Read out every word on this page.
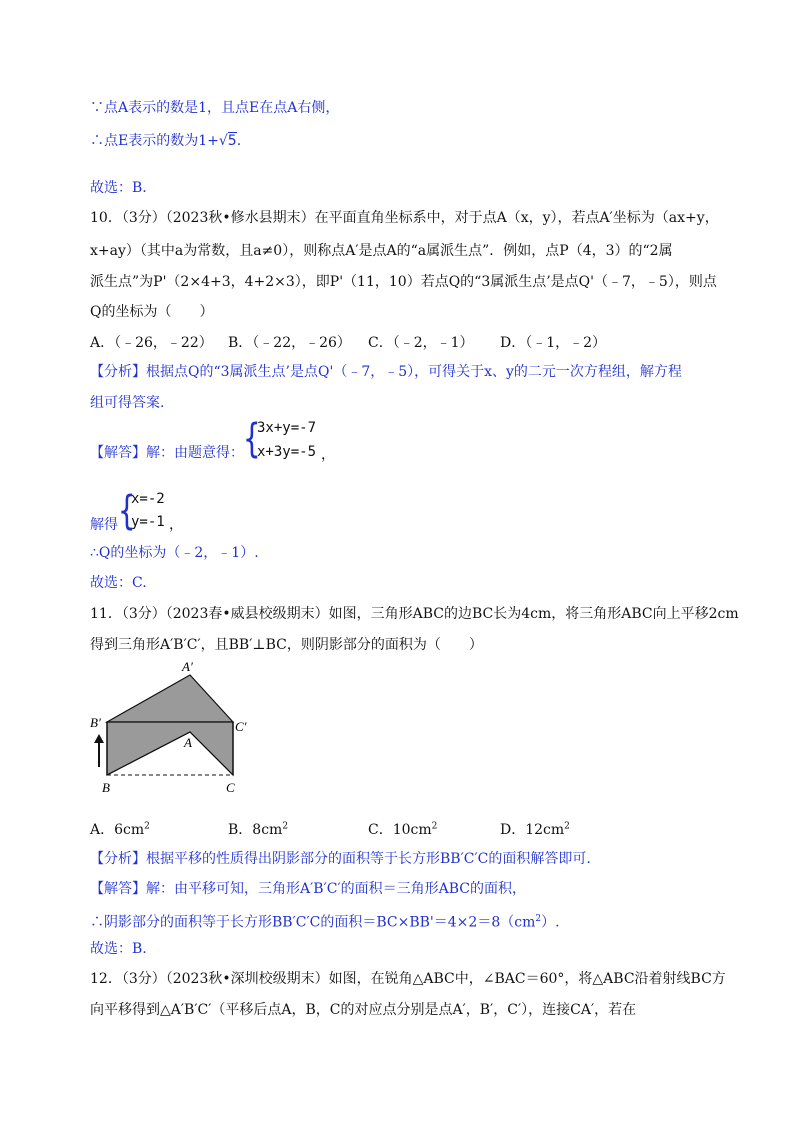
∵点A表示的数是1，且点E在点A右侧，
∴点E表示的数为1+√5.
故选：B.
10．（3分）（2023秋•修水县期末）在平面直角坐标系中，对于点A（x，y），若点A′坐标为（ax+y，
x+ay）（其中a为常数，且a≠0），则称点A′是点A的“a属派生点”．例如，点P（4，3）的“2属
派生点”为P'（2×4+3，4+2×3），即P'（11，10）若点Q的“3属派生点’是点Q'（﹣7，﹣5），则点
Q的坐标为（　　）
A．（﹣26，﹣22） B．（﹣22，﹣26） C．（﹣2，﹣1） D．（﹣1，﹣2）
【分析】根据点Q的“3属派生点’是点Q'（﹣7，﹣5），可得关于x、y的二元一次方程组，解方程
组可得答案.
【解答】解：由题意得：
{
3x+y=-7
x+3y=-5 ，
解得 {
x=-2
y=-1 ，
∴Q的坐标为（﹣2，﹣1）.
故选：C.
11．（3分）（2023春•威县校级期末）如图，三角形ABC的边BC长为4cm，将三角形ABC向上平移2cm
得到三角形A′B′C′，且BB′⊥BC，则阴影部分的面积为（　　）
A′
B′	C′
A
B	C
A．$6cm^2$	B．$8cm^2$	C．$10cm^2$	D．$12cm^2$
【分析】根据平移的性质得出阴影部分的面积等于长方形BB′C′C的面积解答即可.
【解答】解：由平移可知，三角形A′B′C′的面积＝三角形ABC的面积，
∴阴影部分的面积等于长方形BB′C′C的面积$=BC\times BB'=4\times 2=8(cm^2)$.
故选：B.
12．（3分）（2023秋•深圳校级期末）如图，在锐角△ABC中，∠BAC＝60°，将△ABC沿着射线BC方
向平移得到△A′B′C′（平移后点A，B，C的对应点分别是点A′，B′，C′），连接CA′，若在
